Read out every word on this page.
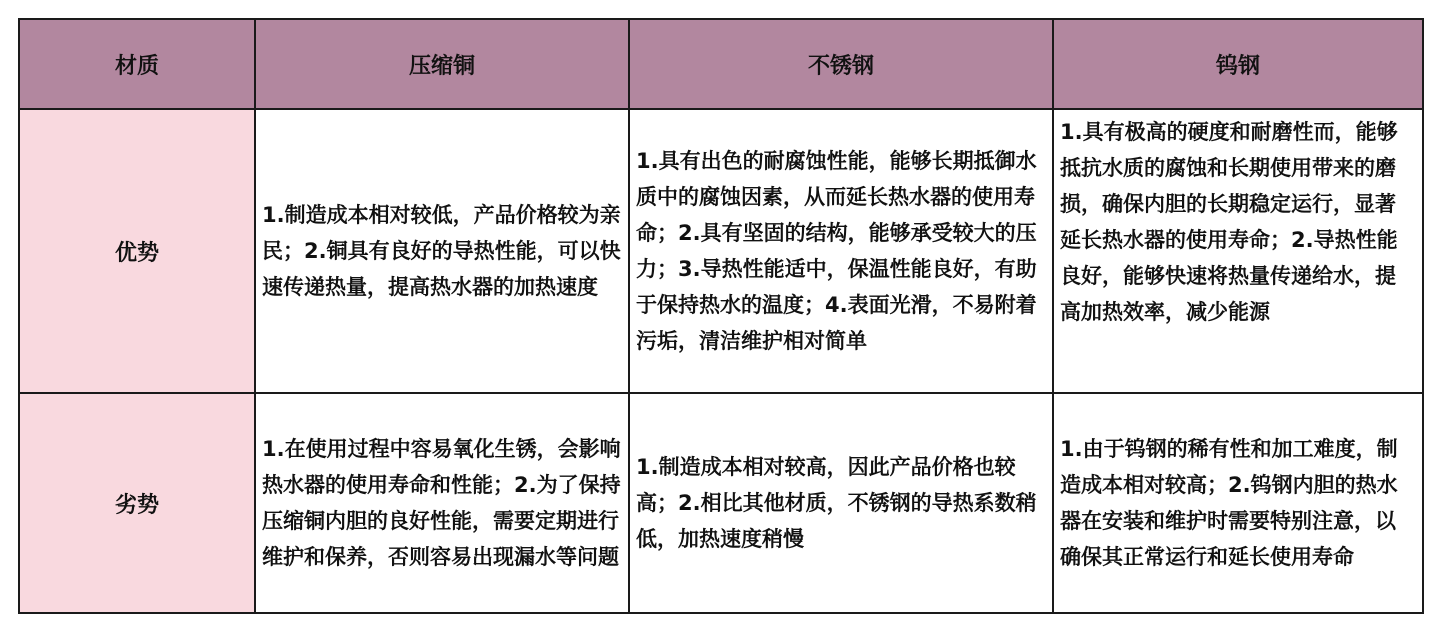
材质	压缩铜	不锈钢	钨钢
优势	1.制造成本相对较低，产品价格较为亲民；2.铜具有良好的导热性能，可以快速传递热量，提高热水器的加热速度	1.具有出色的耐腐蚀性能，能够长期抵御水质中的腐蚀因素，从而延长热水器的使用寿命；2.具有坚固的结构，能够承受较大的压力；3.导热性能适中，保温性能良好，有助于保持热水的温度；4.表面光滑，不易附着污垢，清洁维护相对简单	1.具有极高的硬度和耐磨性而，能够抵抗水质的腐蚀和长期使用带来的磨损，确保内胆的长期稳定运行，显著延长热水器的使用寿命；2.导热性能良好，能够快速将热量传递给水，提高加热效率，减少能源

劣势	1.在使用过程中容易氧化生锈，会影响热水器的使用寿命和性能；2.为了保持压缩铜内胆的良好性能，需要定期进行维护和保养，否则容易出现漏水等问题	1.制造成本相对较高，因此产品价格也较高；2.相比其他材质，不锈钢的导热系数稍低，加热速度稍慢	1.由于钨钢的稀有性和加工难度，制造成本相对较高；2.钨钢内胆的热水器在安装和维护时需要特别注意，以确保其正常运行和延长使用寿命
